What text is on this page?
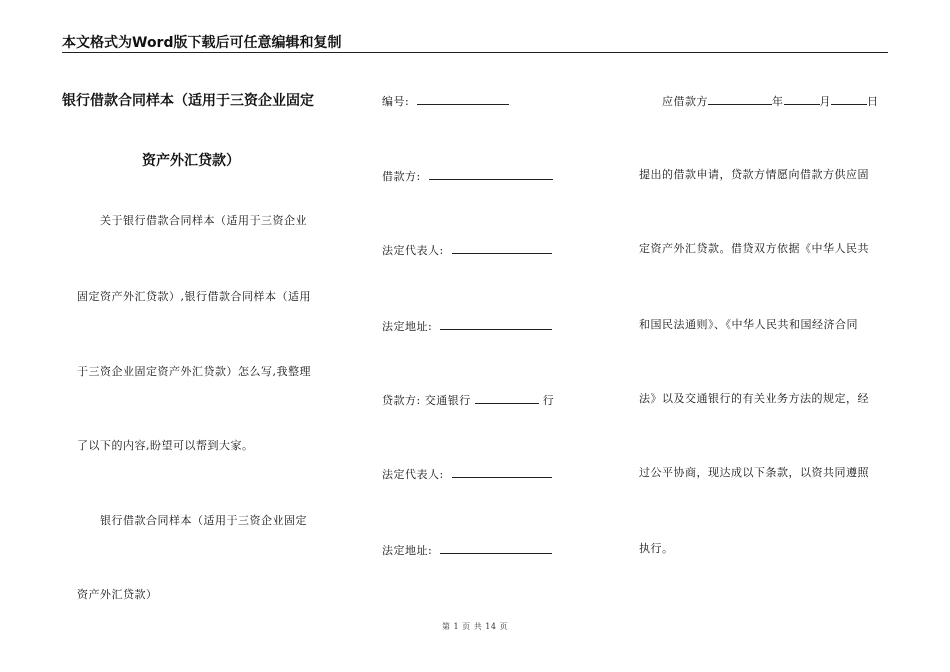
本文格式为Word版下载后可任意编辑和复制
银行借款合同样本（适用于三资企业固定
资产外汇贷款）
关于银行借款合同样本（适用于三资企业
固定资产外汇贷款）,银行借款合同样本（适用
于三资企业固定资产外汇贷款）怎么写,我整理
了以下的内容,盼望可以帮到大家。
银行借款合同样本（适用于三资企业固定
资产外汇贷款）
编号:
借款方:
法定代表人:
法定地址:
贷款方: 交通银行	行
法定代表人:
法定地址:
应借款方	年	月	日
提出的借款申请，贷款方情愿向借款方供应固
定资产外汇贷款。借贷双方依据《中华人民共
和国民法通则》、《中华人民共和国经济合同
法》以及交通银行的有关业务方法的规定，经
过公平协商，现达成以下条款，以资共同遵照
执行。
第 1 页 共 14 页
